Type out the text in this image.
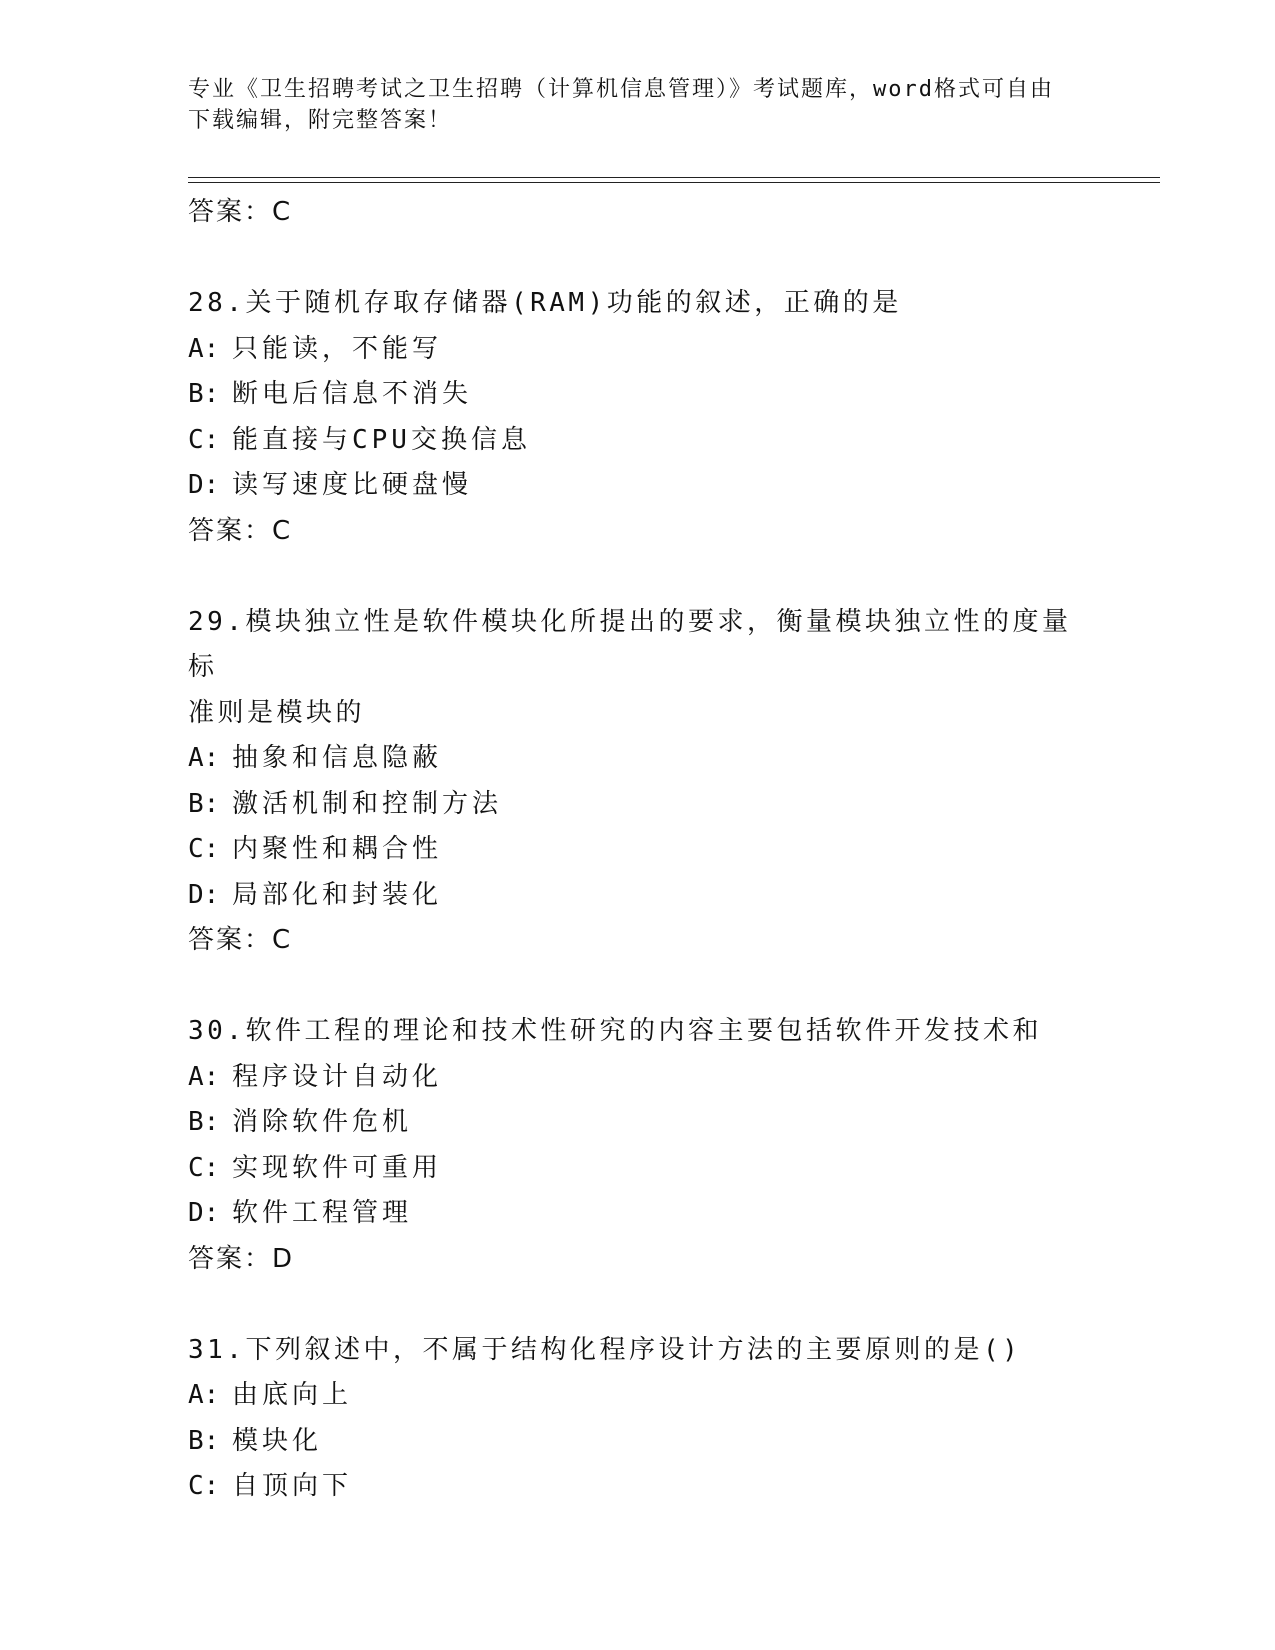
专业《卫生招聘考试之卫生招聘（计算机信息管理）》考试题库，word格式可自由下载编辑，附完整答案！
答案：C
28.关于随机存取存储器(RAM)功能的叙述，正确的是
A: 只能读，不能写
B: 断电后信息不消失
C: 能直接与CPU交换信息
D: 读写速度比硬盘慢
答案：C
29.模块独立性是软件模块化所提出的要求，衡量模块独立性的度量标
准则是模块的
A: 抽象和信息隐蔽
B: 激活机制和控制方法
C: 内聚性和耦合性
D: 局部化和封装化
答案：C
30.软件工程的理论和技术性研究的内容主要包括软件开发技术和
A: 程序设计自动化
B: 消除软件危机
C: 实现软件可重用
D: 软件工程管理
答案：D
31.下列叙述中，不属于结构化程序设计方法的主要原则的是()
A: 由底向上
B: 模块化
C: 自顶向下
